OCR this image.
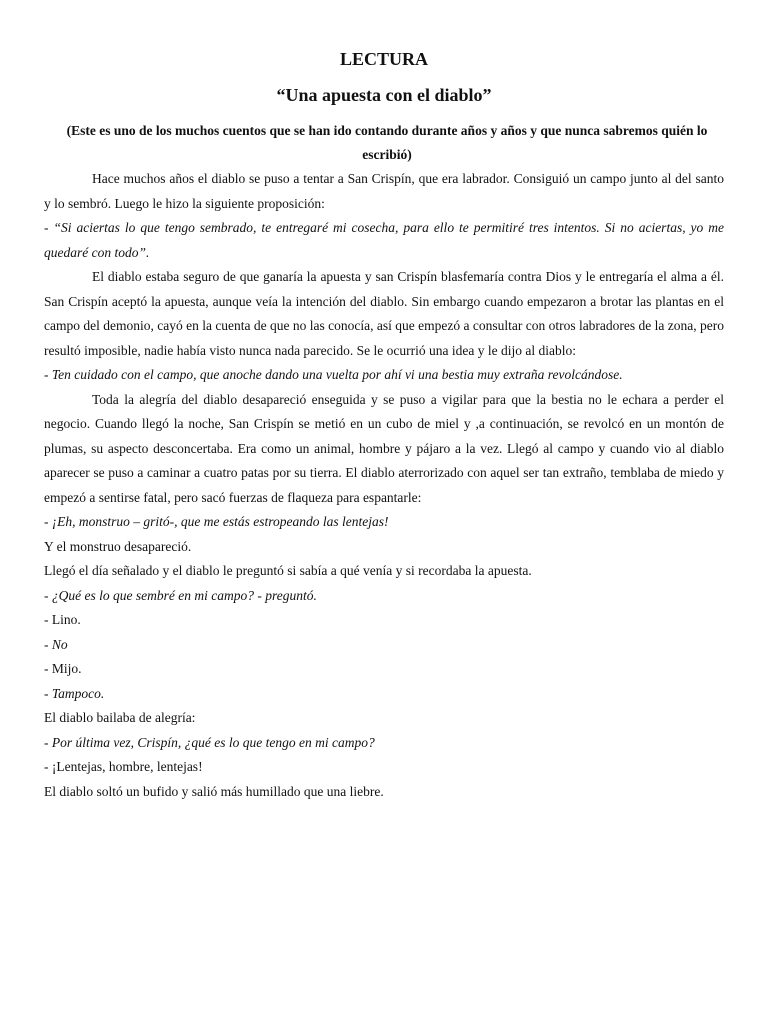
LECTURA
“Una apuesta con el diablo”

(Este es uno de los muchos cuentos que se han ido contando durante años y años y que nunca sabremos quién lo escribió)

Hace muchos años el diablo se puso a tentar a San Crispín, que era labrador. Consiguió un campo junto al del santo y lo sembró. Luego le hizo la siguiente proposición:

- “Si aciertas lo que tengo sembrado, te entregaré mi cosecha, para ello te permitiré tres intentos. Si no aciertas, yo me quedaré con todo”.

El diablo estaba seguro de que ganaría la apuesta y san Crispín blasfemaría contra Dios y le entregaría el alma a él. San Crispín aceptó la apuesta, aunque veía la intención del diablo. Sin embargo cuando empezaron a brotar las plantas en el campo del demonio, cayó en la cuenta de que no las conocía, así que empezó a consultar con otros labradores de la zona, pero resultó imposible, nadie había visto nunca nada parecido. Se le ocurrió una idea y le dijo al diablo:

- Ten cuidado con el campo, que anoche dando una vuelta por ahí vi una bestia muy extraña revolcándose.

Toda la alegría del diablo desapareció enseguida y se puso a vigilar para que la bestia no le echara a perder el negocio. Cuando llegó la noche, San Crispín se metió en un cubo de miel y ,a continuación, se revolcó en un montón de plumas, su aspecto desconcertaba. Era como un animal, hombre y pájaro a la vez. Llegó al campo y cuando vio al diablo aparecer se puso a caminar a cuatro patas por su tierra. El diablo aterrorizado con aquel ser tan extraño, temblaba de miedo y empezó a sentirse fatal, pero sacó fuerzas de flaqueza para espantarle:

- ¡Eh, monstruo – gritó-, que me estás estropeando las lentejas!

Y el monstruo desapareció.

Llegó el día señalado y el diablo le preguntó si sabía a qué venía y si recordaba la apuesta.

- ¿Qué es lo que sembré en mi campo? - preguntó.

- Lino.

- No

- Mijo.

- Tampoco.

El diablo bailaba de alegría:

- Por última vez, Crispín, ¿qué es lo que tengo en mi campo?

- ¡Lentejas, hombre, lentejas!

El diablo soltó un bufido y salió más humillado que una liebre.
